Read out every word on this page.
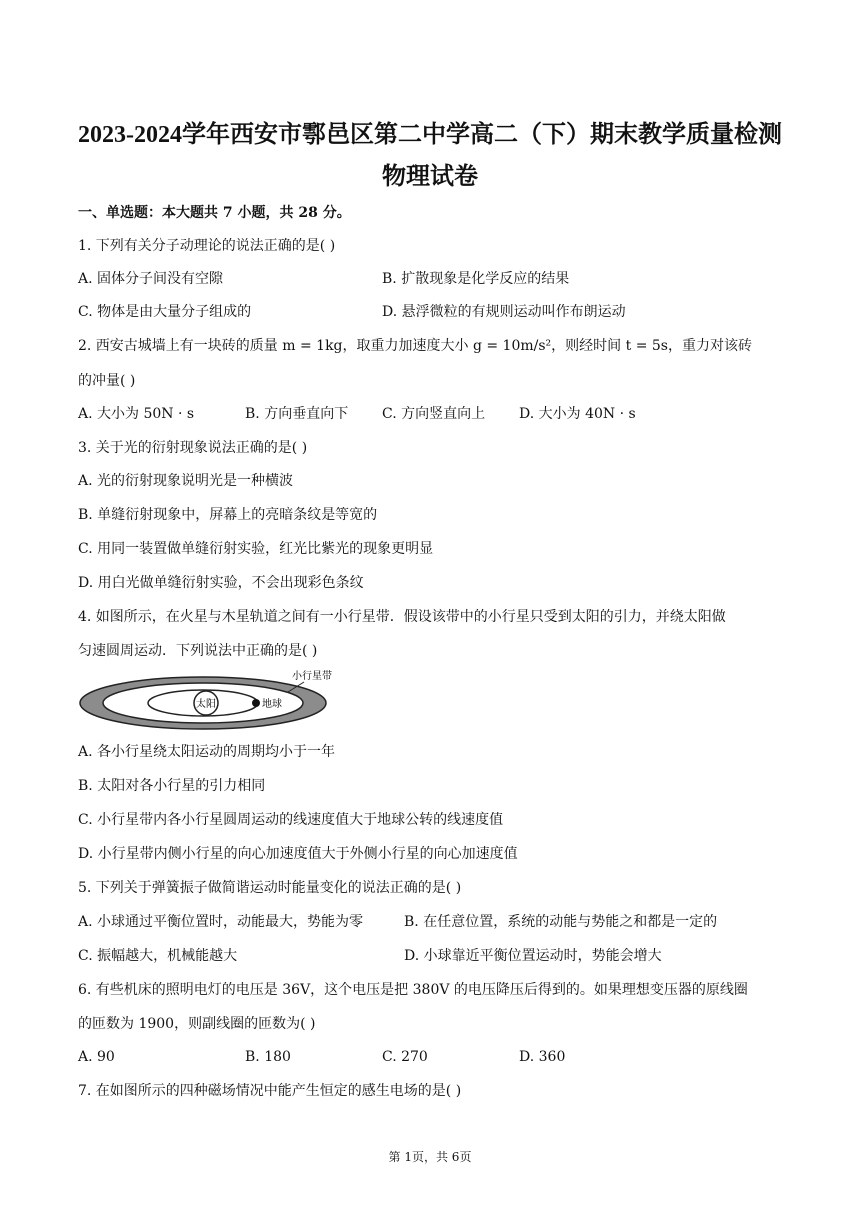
2023-2024学年西安市鄠邑区第二中学高二（下）期末教学质量检测
物理试卷
一、单选题：本大题共 7 小题，共 28 分。
1. 下列有关分子动理论的说法正确的是( )
A. 固体分子间没有空隙	B. 扩散现象是化学反应的结果
C. 物体是由大量分子组成的	D. 悬浮微粒的有规则运动叫作布朗运动
2. 西安古城墙上有一块砖的质量 m = 1kg，取重力加速度大小 g = 10m/s²，则经时间 t = 5s，重力对该砖
的冲量( )
A. 大小为 50N · s	B. 方向垂直向下 C. 方向竖直向上 D. 大小为 40N · s
3. 关于光的衍射现象说法正确的是( )
A. 光的衍射现象说明光是一种横波
B. 单缝衍射现象中，屏幕上的亮暗条纹是等宽的
C. 用同一装置做单缝衍射实验，红光比紫光的现象更明显
D. 用白光做单缝衍射实验，不会出现彩色条纹
4. 如图所示，在火星与木星轨道之间有一小行星带．假设该带中的小行星只受到太阳的引力，并绕太阳做
匀速圆周运动．下列说法中正确的是( )
太阳	地球
小行星带
A. 各小行星绕太阳运动的周期均小于一年
B. 太阳对各小行星的引力相同
C. 小行星带内各小行星圆周运动的线速度值大于地球公转的线速度值
D. 小行星带内侧小行星的向心加速度值大于外侧小行星的向心加速度值
5. 下列关于弹簧振子做简谐运动时能量变化的说法正确的是( )
A. 小球通过平衡位置时，动能最大，势能为零	B. 在任意位置，系统的动能与势能之和都是一定的
C. 振幅越大，机械能越大	D. 小球靠近平衡位置运动时，势能会增大
6. 有些机床的照明电灯的电压是 36V，这个电压是把 380V 的电压降压后得到的。如果理想变压器的原线圈
的匝数为 1900，则副线圈的匝数为( )
A. 90	B. 180	C. 270	D. 360
7. 在如图所示的四种磁场情况中能产生恒定的感生电场的是( )
第 1页，共 6页
